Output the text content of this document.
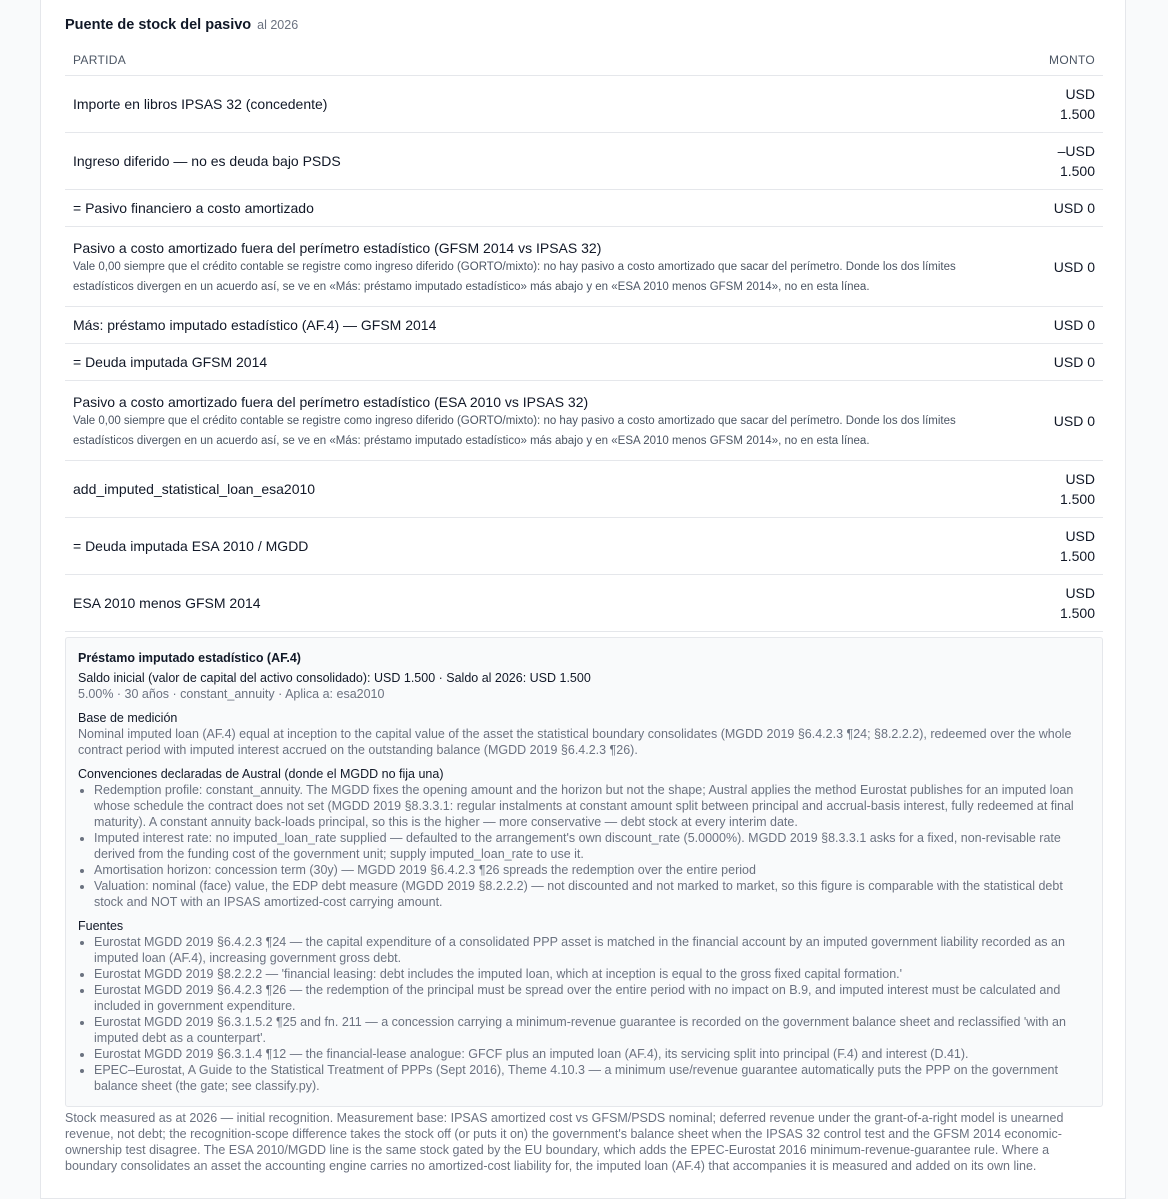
Puente de stock del pasivo al 2026
PARTIDA	MONTO
Importe en libros IPSAS 32 (concedente)	USD
1.500

Ingreso diferido — no es deuda bajo PSDS	–USD
1.500

= Pasivo financiero a costo amortizado	USD 0

Pasivo a costo amortizado fuera del perímetro estadístico (GFSM 2014 vs IPSAS 32)
Vale 0,00 siempre que el crédito contable se registre como ingreso diferido (GORTO/mixto): no hay pasivo a costo amortizado que sacar del perímetro. Donde los dos límites estadísticos divergen en un acuerdo así, se ve en «Más: préstamo imputado estadístico» más abajo y en «ESA 2010 menos GFSM 2014», no en esta línea.	USD 0
Más: préstamo imputado estadístico (AF.4) — GFSM 2014	USD 0
= Deuda imputada GFSM 2014	USD 0

Pasivo a costo amortizado fuera del perímetro estadístico (ESA 2010 vs IPSAS 32)
Vale 0,00 siempre que el crédito contable se registre como ingreso diferido (GORTO/mixto): no hay pasivo a costo amortizado que sacar del perímetro. Donde los dos límites estadísticos divergen en un acuerdo así, se ve en «Más: préstamo imputado estadístico» más abajo y en «ESA 2010 menos GFSM 2014», no en esta línea.	USD 0
add_imputed_statistical_loan_esa2010	USD
1.500

= Deuda imputada ESA 2010 / MGDD	USD
1.500

ESA 2010 menos GFSM 2014	USD
1.500
Préstamo imputado estadístico (AF.4)
Saldo inicial (valor de capital del activo consolidado): USD 1.500 · Saldo al 2026: USD 1.500
5.00% · 30 años · constant_annuity · Aplica a: esa2010
Base de medición
Nominal imputed loan (AF.4) equal at inception to the capital value of the asset the statistical boundary consolidates (MGDD 2019 §6.4.2.3 ¶24; §8.2.2.2), redeemed over the whole contract period with imputed interest accrued on the outstanding balance (MGDD 2019 §6.4.2.3 ¶26).
Convenciones declaradas de Austral (donde el MGDD no fija una)
• Redemption profile: constant_annuity. The MGDD fixes the opening amount and the horizon but not the shape; Austral applies the method Eurostat publishes for an imputed loan whose schedule the contract does not set (MGDD 2019 §8.3.3.1: regular instalments at constant amount split between principal and accrual-basis interest, fully redeemed at final maturity). A constant annuity back-loads principal, so this is the higher — more conservative — debt stock at every interim date.
• Imputed interest rate: no imputed_loan_rate supplied — defaulted to the arrangement's own discount_rate (5.0000%). MGDD 2019 §8.3.3.1 asks for a fixed, non-revisable rate derived from the funding cost of the government unit; supply imputed_loan_rate to use it.
• Amortisation horizon: concession term (30y) — MGDD 2019 §6.4.2.3 ¶26 spreads the redemption over the entire period
• Valuation: nominal (face) value, the EDP debt measure (MGDD 2019 §8.2.2.2) — not discounted and not marked to market, so this figure is comparable with the statistical debt stock and NOT with an IPSAS amortized-cost carrying amount.
Fuentes
• Eurostat MGDD 2019 §6.4.2.3 ¶24 — the capital expenditure of a consolidated PPP asset is matched in the financial account by an imputed government liability recorded as an imputed loan (AF.4), increasing government gross debt.
• Eurostat MGDD 2019 §8.2.2.2 — 'financial leasing: debt includes the imputed loan, which at inception is equal to the gross fixed capital formation.'
• Eurostat MGDD 2019 §6.4.2.3 ¶26 — the redemption of the principal must be spread over the entire period with no impact on B.9, and imputed interest must be calculated and included in government expenditure.
• Eurostat MGDD 2019 §6.3.1.5.2 ¶25 and fn. 211 — a concession carrying a minimum-revenue guarantee is recorded on the government balance sheet and reclassified 'with an imputed debt as a counterpart'.
• Eurostat MGDD 2019 §6.3.1.4 ¶12 — the financial-lease analogue: GFCF plus an imputed loan (AF.4), its servicing split into principal (F.4) and interest (D.41).
• EPEC–Eurostat, A Guide to the Statistical Treatment of PPPs (Sept 2016), Theme 4.10.3 — a minimum use/revenue guarantee automatically puts the PPP on the government balance sheet (the gate; see classify.py).
Stock measured as at 2026 — initial recognition. Measurement base: IPSAS amortized cost vs GFSM/PSDS nominal; deferred revenue under the grant-of-a-right model is unearned revenue, not debt; the recognition-scope difference takes the stock off (or puts it on) the government's balance sheet when the IPSAS 32 control test and the GFSM 2014 economic-ownership test disagree. The ESA 2010/MGDD line is the same stock gated by the EU boundary, which adds the EPEC-Eurostat 2016 minimum-revenue-guarantee rule. Where a boundary consolidates an asset the accounting engine carries no amortized-cost liability for, the imputed loan (AF.4) that accompanies it is measured and added on its own line.
